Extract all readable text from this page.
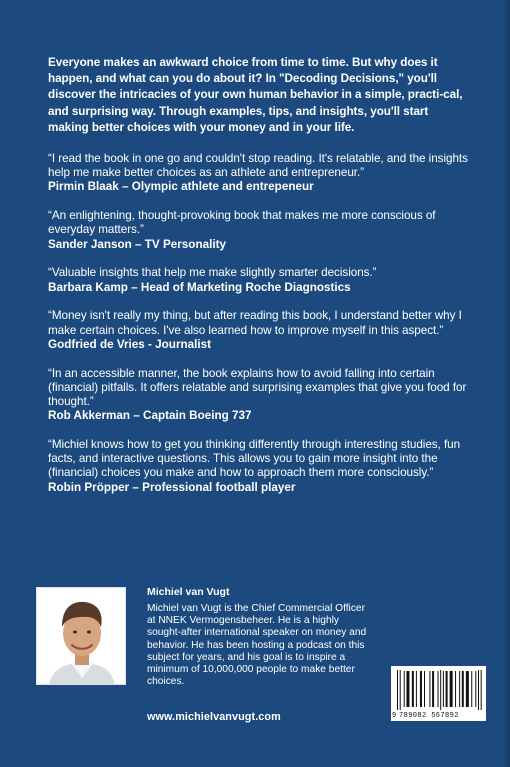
Everyone makes an awkward choice from time to time. But why does it happen, and what can you do about it? In "Decoding Decisions," you'll discover the intricacies of your own human behavior in a simple, practi-cal, and surprising way. Through examples, tips, and insights, you'll start making better choices with your money and in your life.

“I read the book in one go and couldn't stop reading. It's relatable, and the insights help me make better choices as an athlete and entrepreneur.”

Pirmin Blaak – Olympic athlete and entrepeneur

“An enlightening, thought-provoking book that makes me more conscious of everyday matters.”

Sander Janson – TV Personality

“Valuable insights that help me make slightly smarter decisions.”

Barbara Kamp – Head of Marketing Roche Diagnostics

“Money isn't really my thing, but after reading this book, I understand better why I make certain choices. I've also learned how to improve myself in this aspect.”

Godfried de Vries - Journalist

“In an accessible manner, the book explains how to avoid falling into certain (financial) pitfalls. It offers relatable and surprising examples that give you food for thought.”

Rob Akkerman – Captain Boeing 737

“Michiel knows how to get you thinking differently through interesting studies, fun facts, and interactive questions. This allows you to gain more insight into the (financial) choices you make and how to approach them more consciously.”

Robin Pröpper – Professional football player

Michiel van Vugt

Michiel van Vugt is the Chief Commercial Officer at NNEK Vermogensbeheer. He is a highly sought-after international speaker on money and behavior. He has been hosting a podcast on this subject for years, and his goal is to inspire a minimum of 10,000,000 people to make better choices.

www.michielvanvugt.com	9 789082 567892
